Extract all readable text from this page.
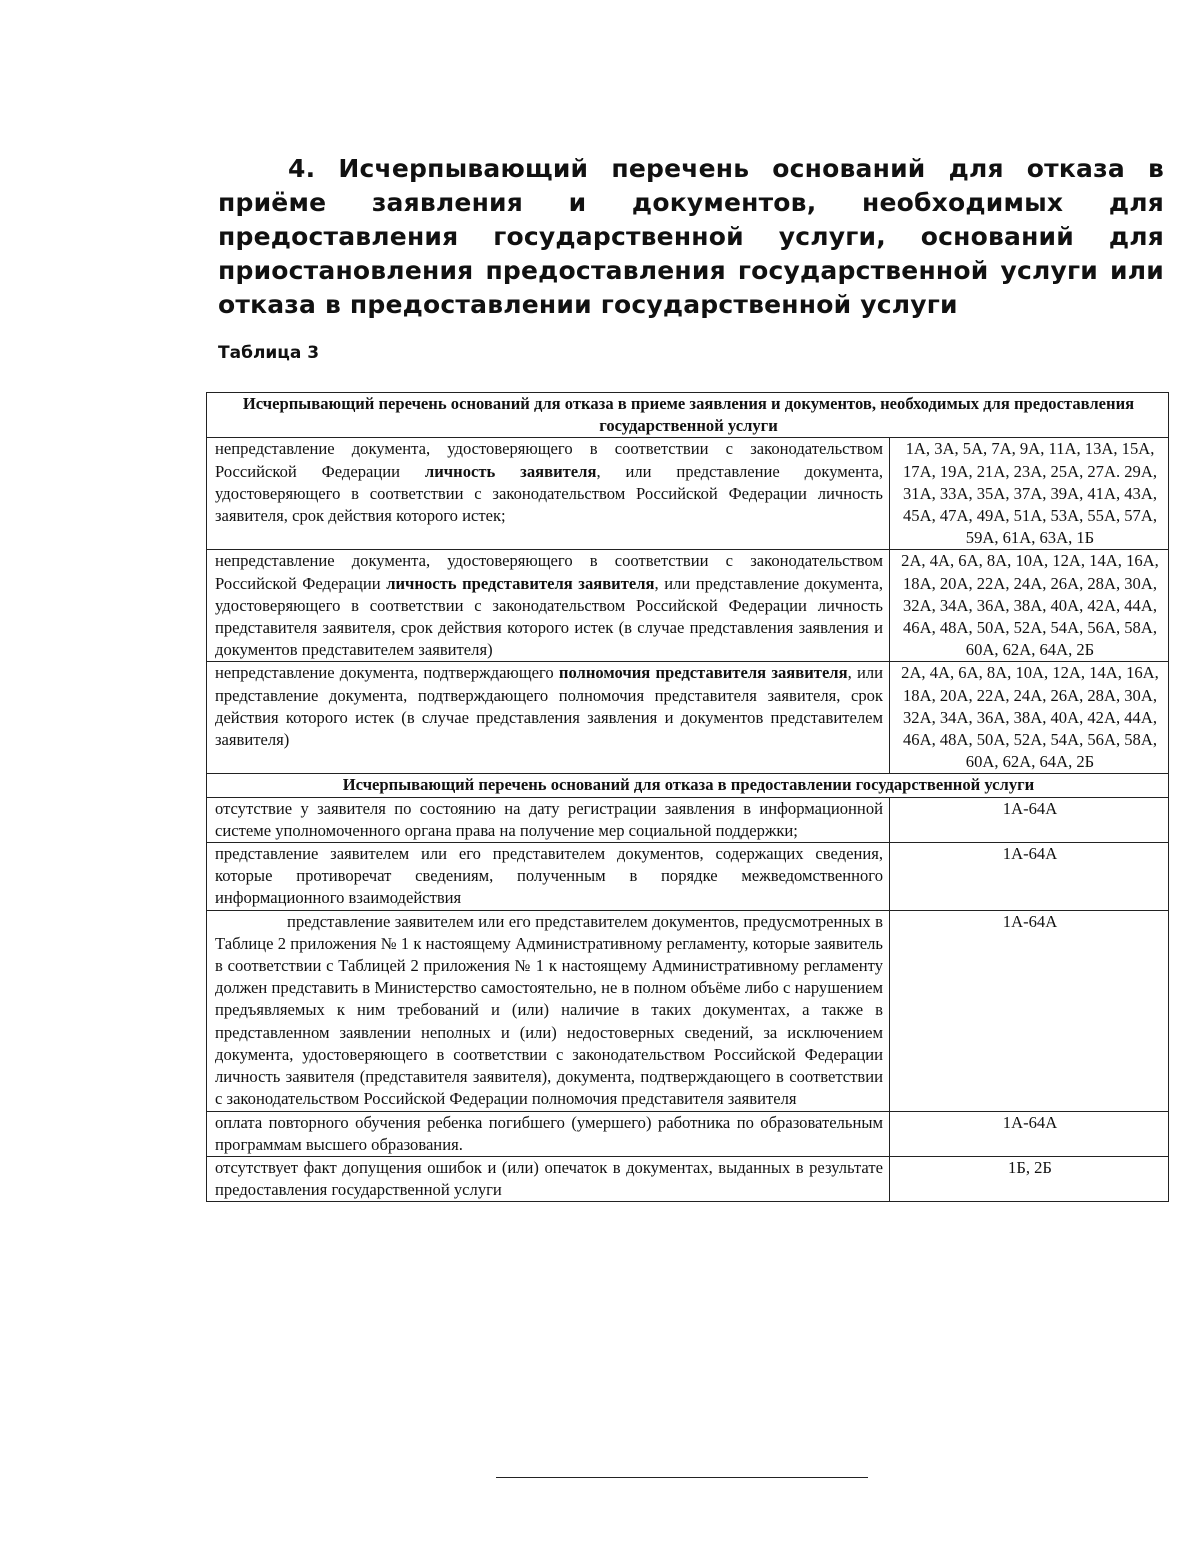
4. Исчерпывающий перечень оснований для отказа в приёме заявления и документов, необходимых для предоставления государственной услуги, оснований для приостановления предоставления государственной услуги или отказа в предоставлении государственной услуги
Таблица 3
Исчерпывающий перечень оснований для отказа в приеме заявления и документов, необходимых для предоставления государственной услуги	
непредставление документа, удостоверяющего в соответствии с законодательством Российской Федерации личность заявителя, или представление документа, удостоверяющего в соответствии с законодательством Российской Федерации личность заявителя, срок действия которого истек;	1А, 3А, 5А, 7А, 9А, 11А, 13А, 15А, 17А, 19А, 21А, 23А, 25А, 27А. 29А, 31А, 33А, 35А, 37А, 39А, 41А, 43А, 45А, 47А, 49А, 51А, 53А, 55А, 57А, 59А, 61А, 63А, 1Б
непредставление документа, удостоверяющего в соответствии с законодательством Российской Федерации личность представителя заявителя, или представление документа, удостоверяющего в соответствии с законодательством Российской Федерации личность представителя заявителя, срок действия которого истек (в случае представления заявления и документов представителем заявителя)	2А, 4А, 6А, 8А, 10А, 12А, 14А, 16А, 18А, 20А, 22А, 24А, 26А, 28А, 30А, 32А, 34А, 36А, 38А, 40А, 42А, 44А, 46А, 48А, 50А, 52А, 54А, 56А, 58А, 60А, 62А, 64А, 2Б
непредставление документа, подтверждающего полномочия представителя заявителя, или представление документа, подтверждающего полномочия представителя заявителя, срок действия которого истек (в случае представления заявления и документов представителем заявителя)	2А, 4А, 6А, 8А, 10А, 12А, 14А, 16А, 18А, 20А, 22А, 24А, 26А, 28А, 30А, 32А, 34А, 36А, 38А, 40А, 42А, 44А, 46А, 48А, 50А, 52А, 54А, 56А, 58А, 60А, 62А, 64А, 2Б
Исчерпывающий перечень оснований для отказа в предоставлении государственной услуги	
отсутствие у заявителя по состоянию на дату регистрации заявления в информационной системе уполномоченного органа права на получение мер социальной поддержки;	1А-64А
представление заявителем или его представителем документов, содержащих сведения, которые противоречат сведениям, полученным в порядке межведомственного информационного взаимодействия	1А-64А
представление заявителем или его представителем документов, предусмотренных в Таблице 2 приложения № 1 к настоящему Административному регламенту, которые заявитель в соответствии с Таблицей 2 приложения № 1 к настоящему Административному регламенту должен представить в Министерство самостоятельно, не в полном объёме либо с нарушением предъявляемых к ним требований и (или) наличие в таких документах, а также в представленном заявлении неполных и (или) недостоверных сведений, за исключением документа, удостоверяющего в соответствии с законодательством Российской Федерации личность заявителя (представителя заявителя), документа, подтверждающего в соответствии с законодательством Российской Федерации полномочия представителя заявителя	1А-64А
оплата повторного обучения ребенка погибшего (умершего) работника по образовательным программам высшего образования.	1А-64А
отсутствует факт допущения ошибок и (или) опечаток в документах, выданных в результате предоставления государственной услуги	1Б, 2Б
